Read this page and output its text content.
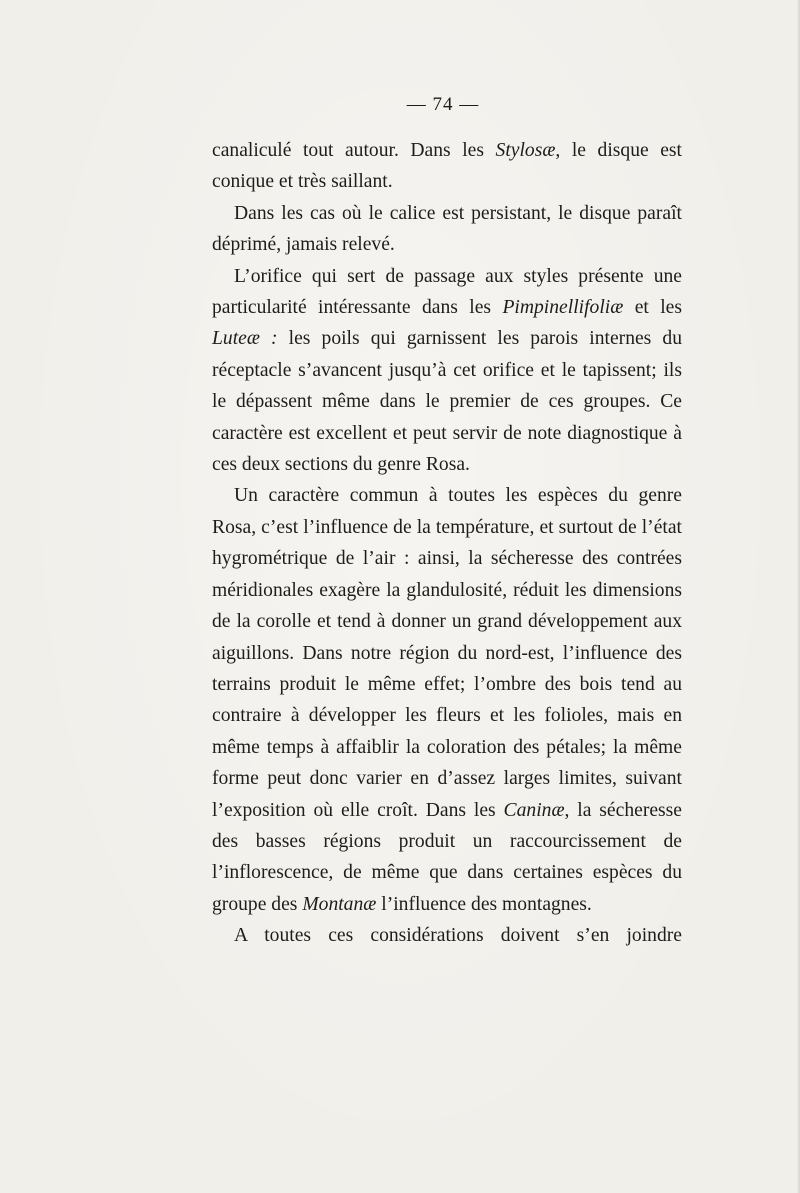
— 74 —

canaliculé tout autour. Dans les Stylosæ, le disque est conique et très saillant.

Dans les cas où le calice est persistant, le disque paraît déprimé, jamais relevé.

L’orifice qui sert de passage aux styles présente une particularité intéressante dans les Pimpinellifoliæ et les Luteæ : les poils qui garnissent les parois internes du réceptacle s’avancent jusqu’à cet orifice et le tapissent; ils le dépassent même dans le premier de ces groupes. Ce caractère est excellent et peut servir de note diagnostique à ces deux sections du genre Rosa.

Un caractère commun à toutes les espèces du genre Rosa, c’est l’influence de la température, et surtout de l’état hygrométrique de l’air : ainsi, la sécheresse des contrées méridionales exagère la glandulosité, réduit les dimensions de la corolle et tend à donner un grand développement aux aiguillons. Dans notre région du nord-est, l’influence des terrains produit le même effet; l’ombre des bois tend au contraire à développer les fleurs et les folioles, mais en même temps à affaiblir la coloration des pétales; la même forme peut donc varier en d’assez larges limites, suivant l’exposition où elle croît. Dans les Caninæ, la sécheresse des basses régions produit un raccourcissement de l’inflorescence, de même que dans certaines espèces du groupe des Montanæ l’influence des montagnes.

A toutes ces considérations doivent s’en joindre
